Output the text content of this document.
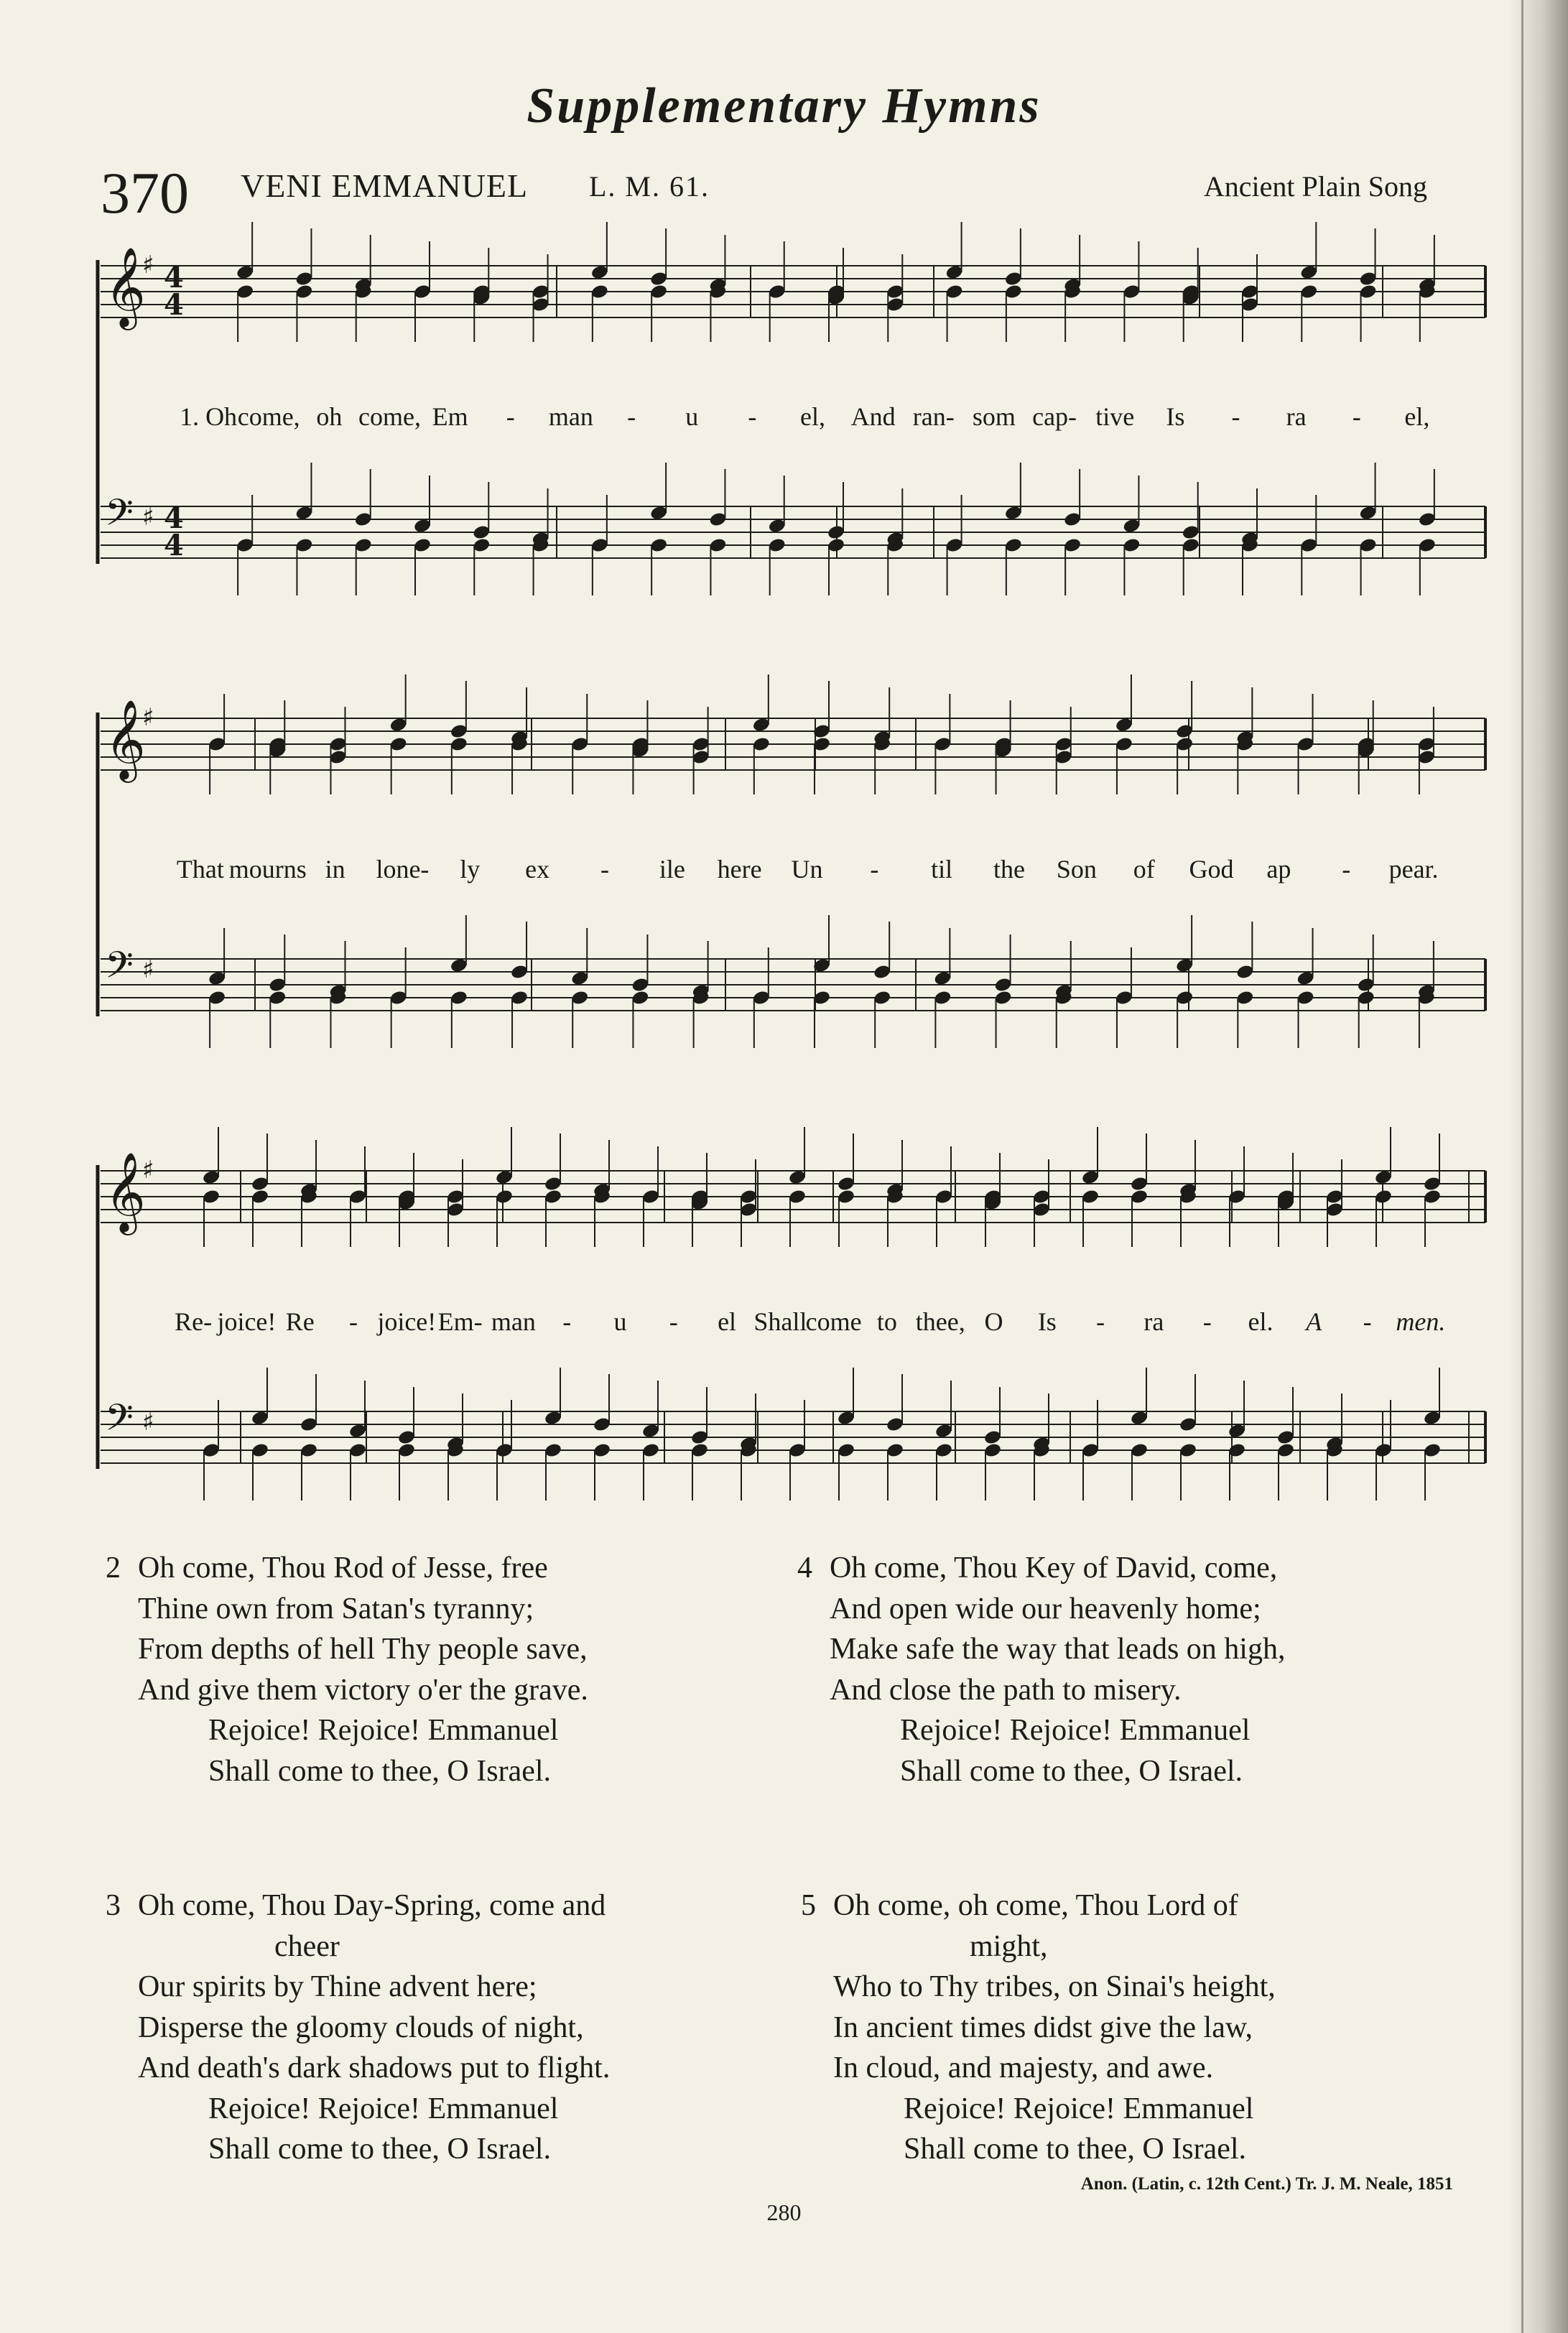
Supplementary Hymns
370 VENI EMMANUEL L. M. 61.	Ancient Plain Song
𝄞
♯ 4
4
𝄢 ♯ 4
4
1. Oh come, oh come, Em - man - u - el, And ran- som cap- tive Is - ra - el,
𝄞
♯
𝄢 ♯
That mourns in lone- ly ex - ile here Un - til the Son of God ap - pear.
𝄞
♯
𝄢 ♯
Re- joice! Re - joice! Em- man - u - el Shall
come to thee, O Is - ra - el. A - men.
2 Oh come, Thou Rod of Jesse, free
Thine own from Satan's tyranny;
From depths of hell Thy people save,
And give them victory o'er the grave.
Rejoice! Rejoice! Emmanuel
Shall come to thee, O Israel.
3 Oh come, Thou Day-Spring, come and
cheer
Our spirits by Thine advent here;
Disperse the gloomy clouds of night,
And death's dark shadows put to flight.
Rejoice! Rejoice! Emmanuel
Shall come to thee, O Israel.
4 Oh come, Thou Key of David, come,
And open wide our heavenly home;
Make safe the way that leads on high,
And close the path to misery.
Rejoice! Rejoice! Emmanuel
Shall come to thee, O Israel.
5 Oh come, oh come, Thou Lord of
might,
Who to Thy tribes, on Sinai's height,
In ancient times didst give the law,
In cloud, and majesty, and awe.
Rejoice! Rejoice! Emmanuel
Shall come to thee, O Israel.
Anon. (Latin, c. 12th Cent.) Tr. J. M. Neale, 1851
280
